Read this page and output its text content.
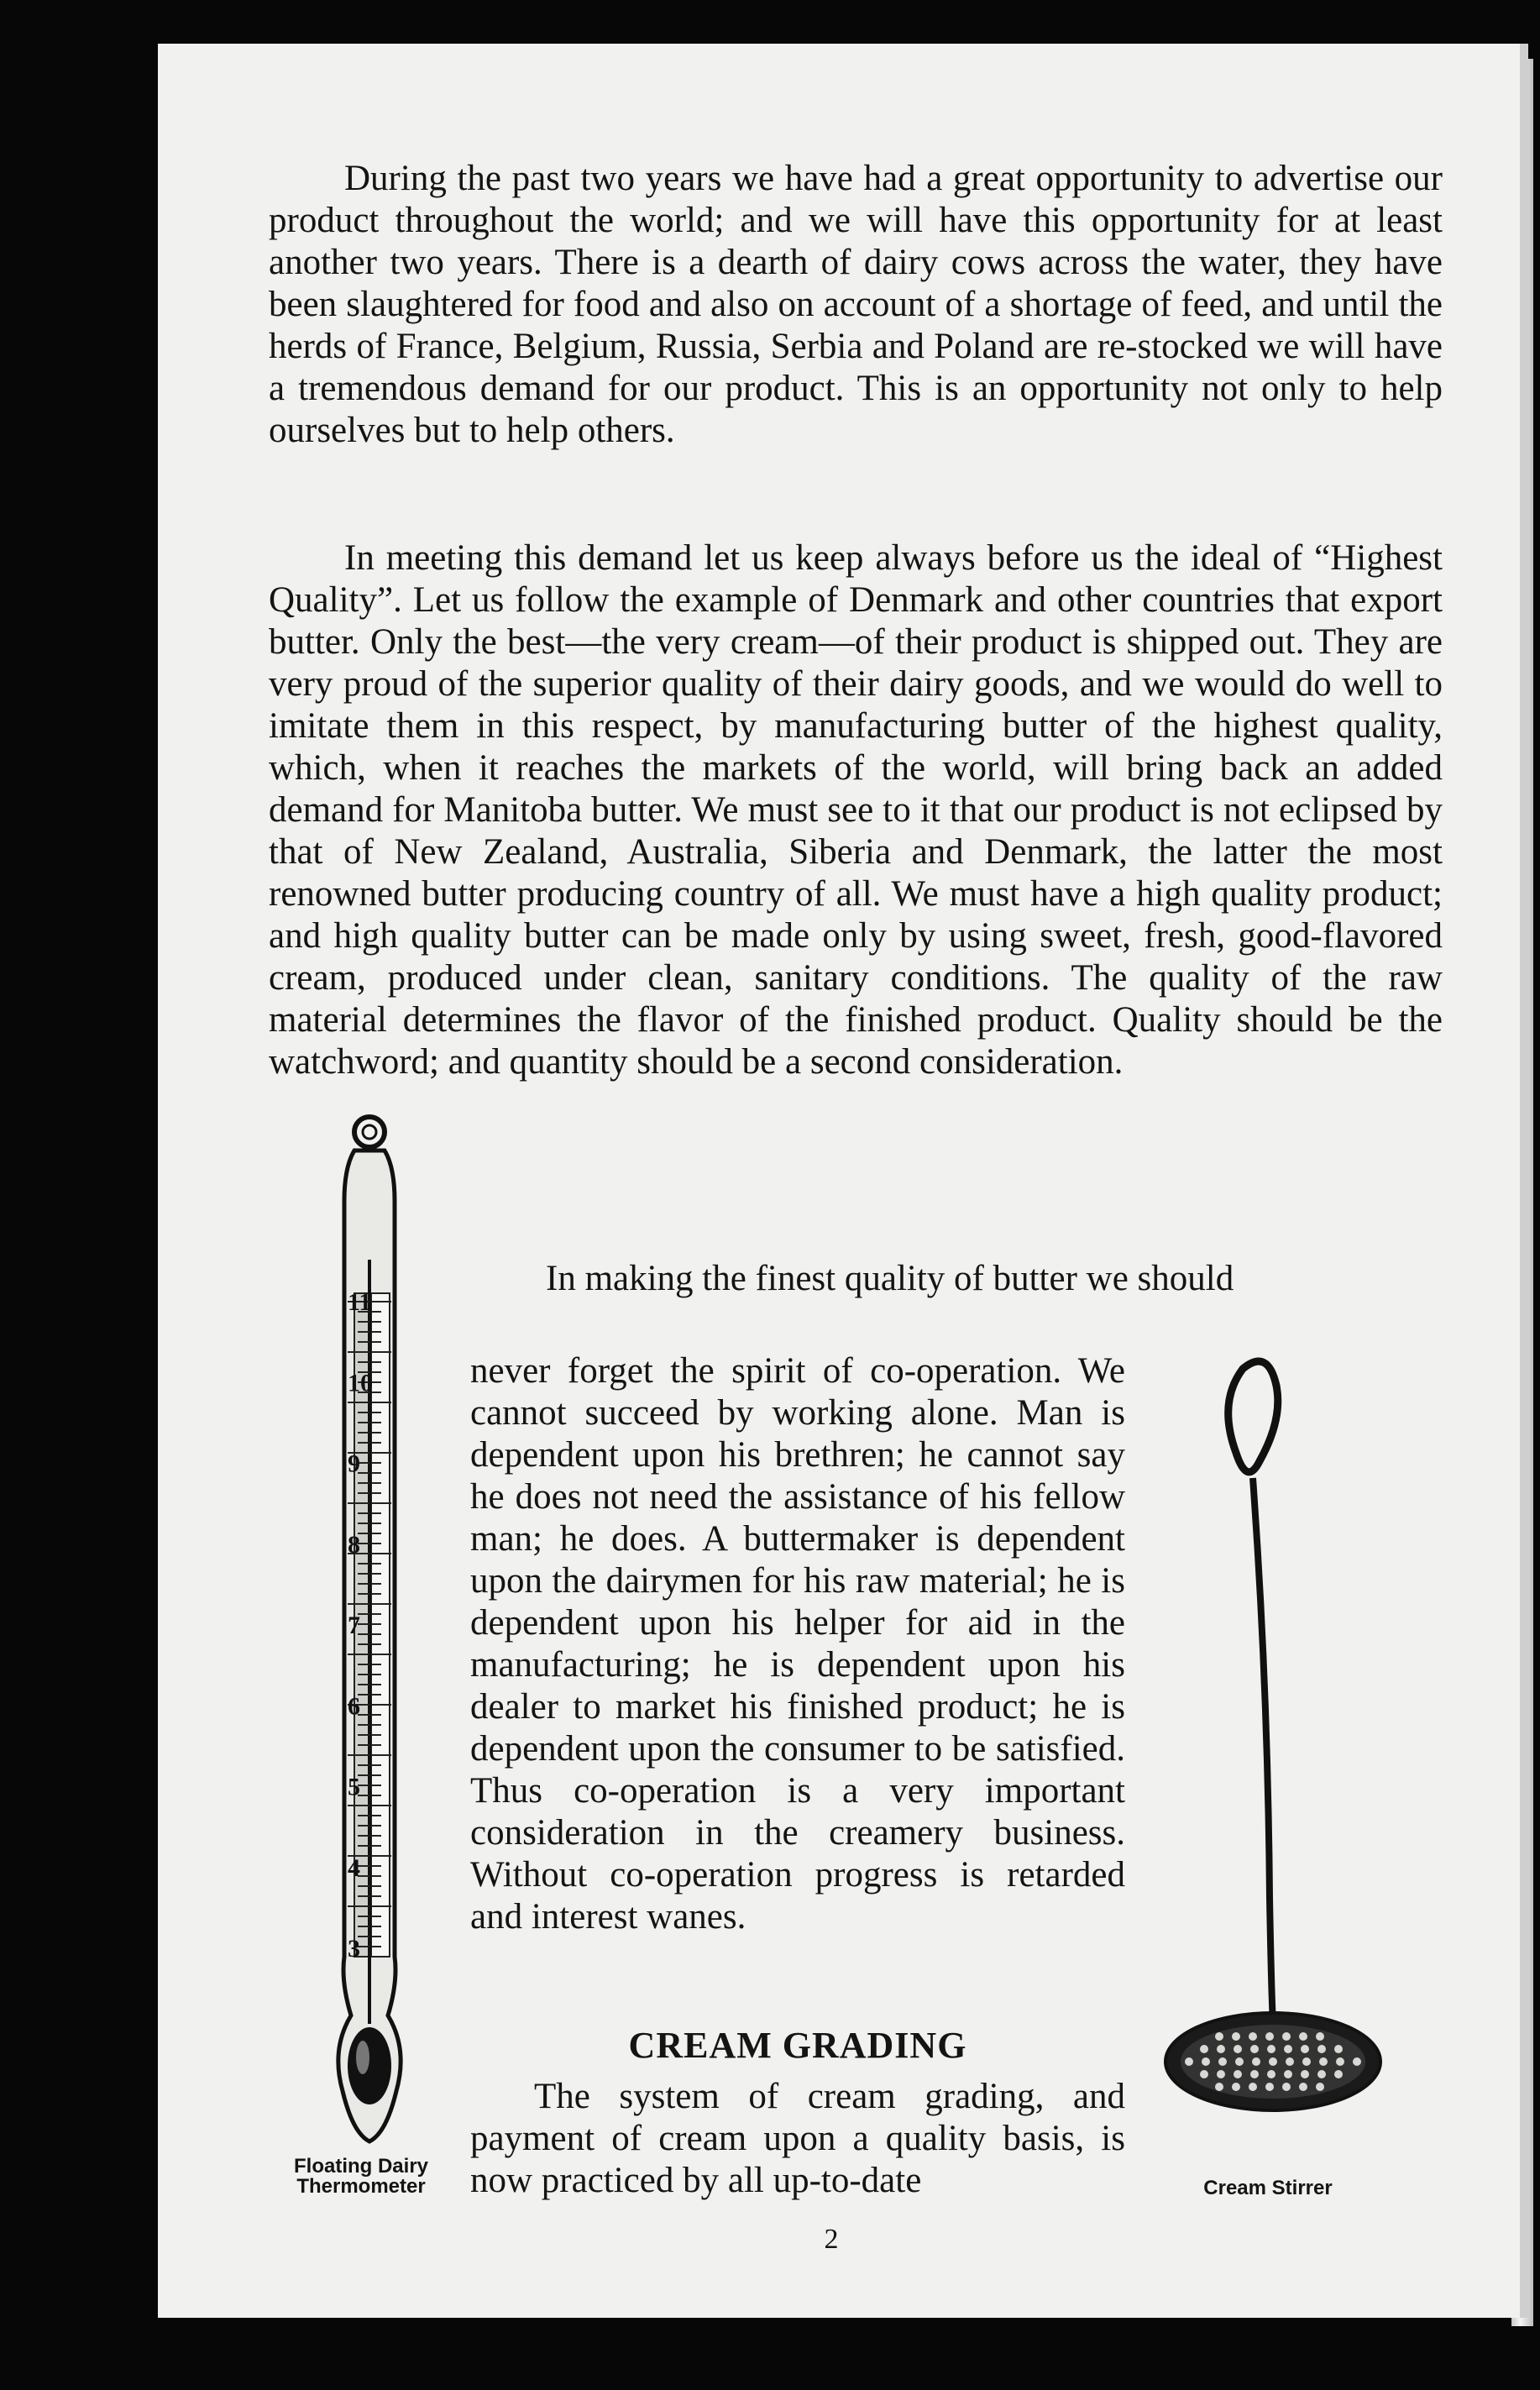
During the past two years we have had a great opportunity to advertise our product throughout the world; and we will have this opportunity for at least another two years. There is a dearth of dairy cows across the water, they have been slaughtered for food and also on account of a shortage of feed, and until the herds of France, Belgium, Russia, Serbia and Poland are re-stocked we will have a tremendous demand for our product. This is an opportunity not only to help ourselves but to help others.

In meeting this demand let us keep always before us the ideal of “Highest Quality”. Let us follow the example of Denmark and other countries that export butter. Only the best—the very cream—of their product is shipped out. They are very proud of the superior quality of their dairy goods, and we would do well to imitate them in this respect, by manufacturing butter of the highest quality, which, when it reaches the markets of the world, will bring back an added demand for Manitoba butter. We must see to it that our product is not eclipsed by that of New Zealand, Australia, Siberia and Denmark, the latter the most renowned butter producing country of all. We must have a high quality product; and high quality butter can be made only by using sweet, fresh, good-flavored cream, produced under clean, sanitary conditions. The quality of the raw material determines the flavor of the finished product. Quality should be the watchword; and quantity should be a second consideration.

In making the finest quality of butter we should

never forget the spirit of co-operation. We cannot succeed by working alone. Man is dependent upon his brethren; he cannot say he does not need the assistance of his fellow man; he does. A buttermaker is dependent upon the dairymen for his raw material; he is dependent upon his helper for aid in the manufacturing; he is dependent upon his dealer to market his finished product; he is dependent upon the consumer to be satisfied. Thus co-operation is a very important consideration in the creamery business. Without co-operation progress is retarded and interest wanes.

CREAM GRADING

The system of cream grading, and payment of cream upon a quality basis, is now practiced by all up-to-date

11
10
9
8
7
6
5
4
3

Floating Dairy Thermometer	Cream Stirrer

2
